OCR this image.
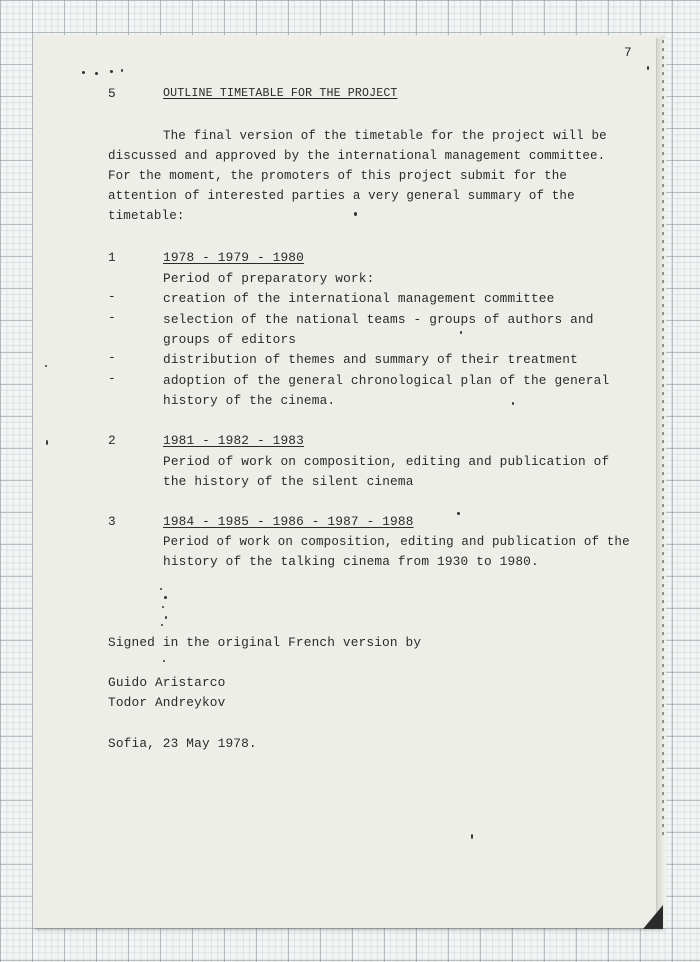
7
5	OUTLINE TIMETABLE FOR THE PROJECT
The final version of the timetable for the project will be
discussed and approved by the international management committee.
For the moment, the promoters of this project submit for the
attention of interested parties a very general summary of the
timetable:
1	1978 - 1979 - 1980
Period of preparatory work:
-	creation of the international management committee
-	selection of the national teams - groups of authors and
groups of editors
-	distribution of themes and summary of their treatment
-	adoption of the general chronological plan of the general
history of the cinema.
2	1981 - 1982 - 1983
Period of work on composition, editing and publication of
the history of the silent cinema
3	1984 - 1985 - 1986 - 1987 - 1988
Period of work on composition, editing and publication of the
history of the talking cinema from 1930 to 1980.
Signed in the original French version by
Guido Aristarco
Todor Andreykov
Sofia, 23 May 1978.
